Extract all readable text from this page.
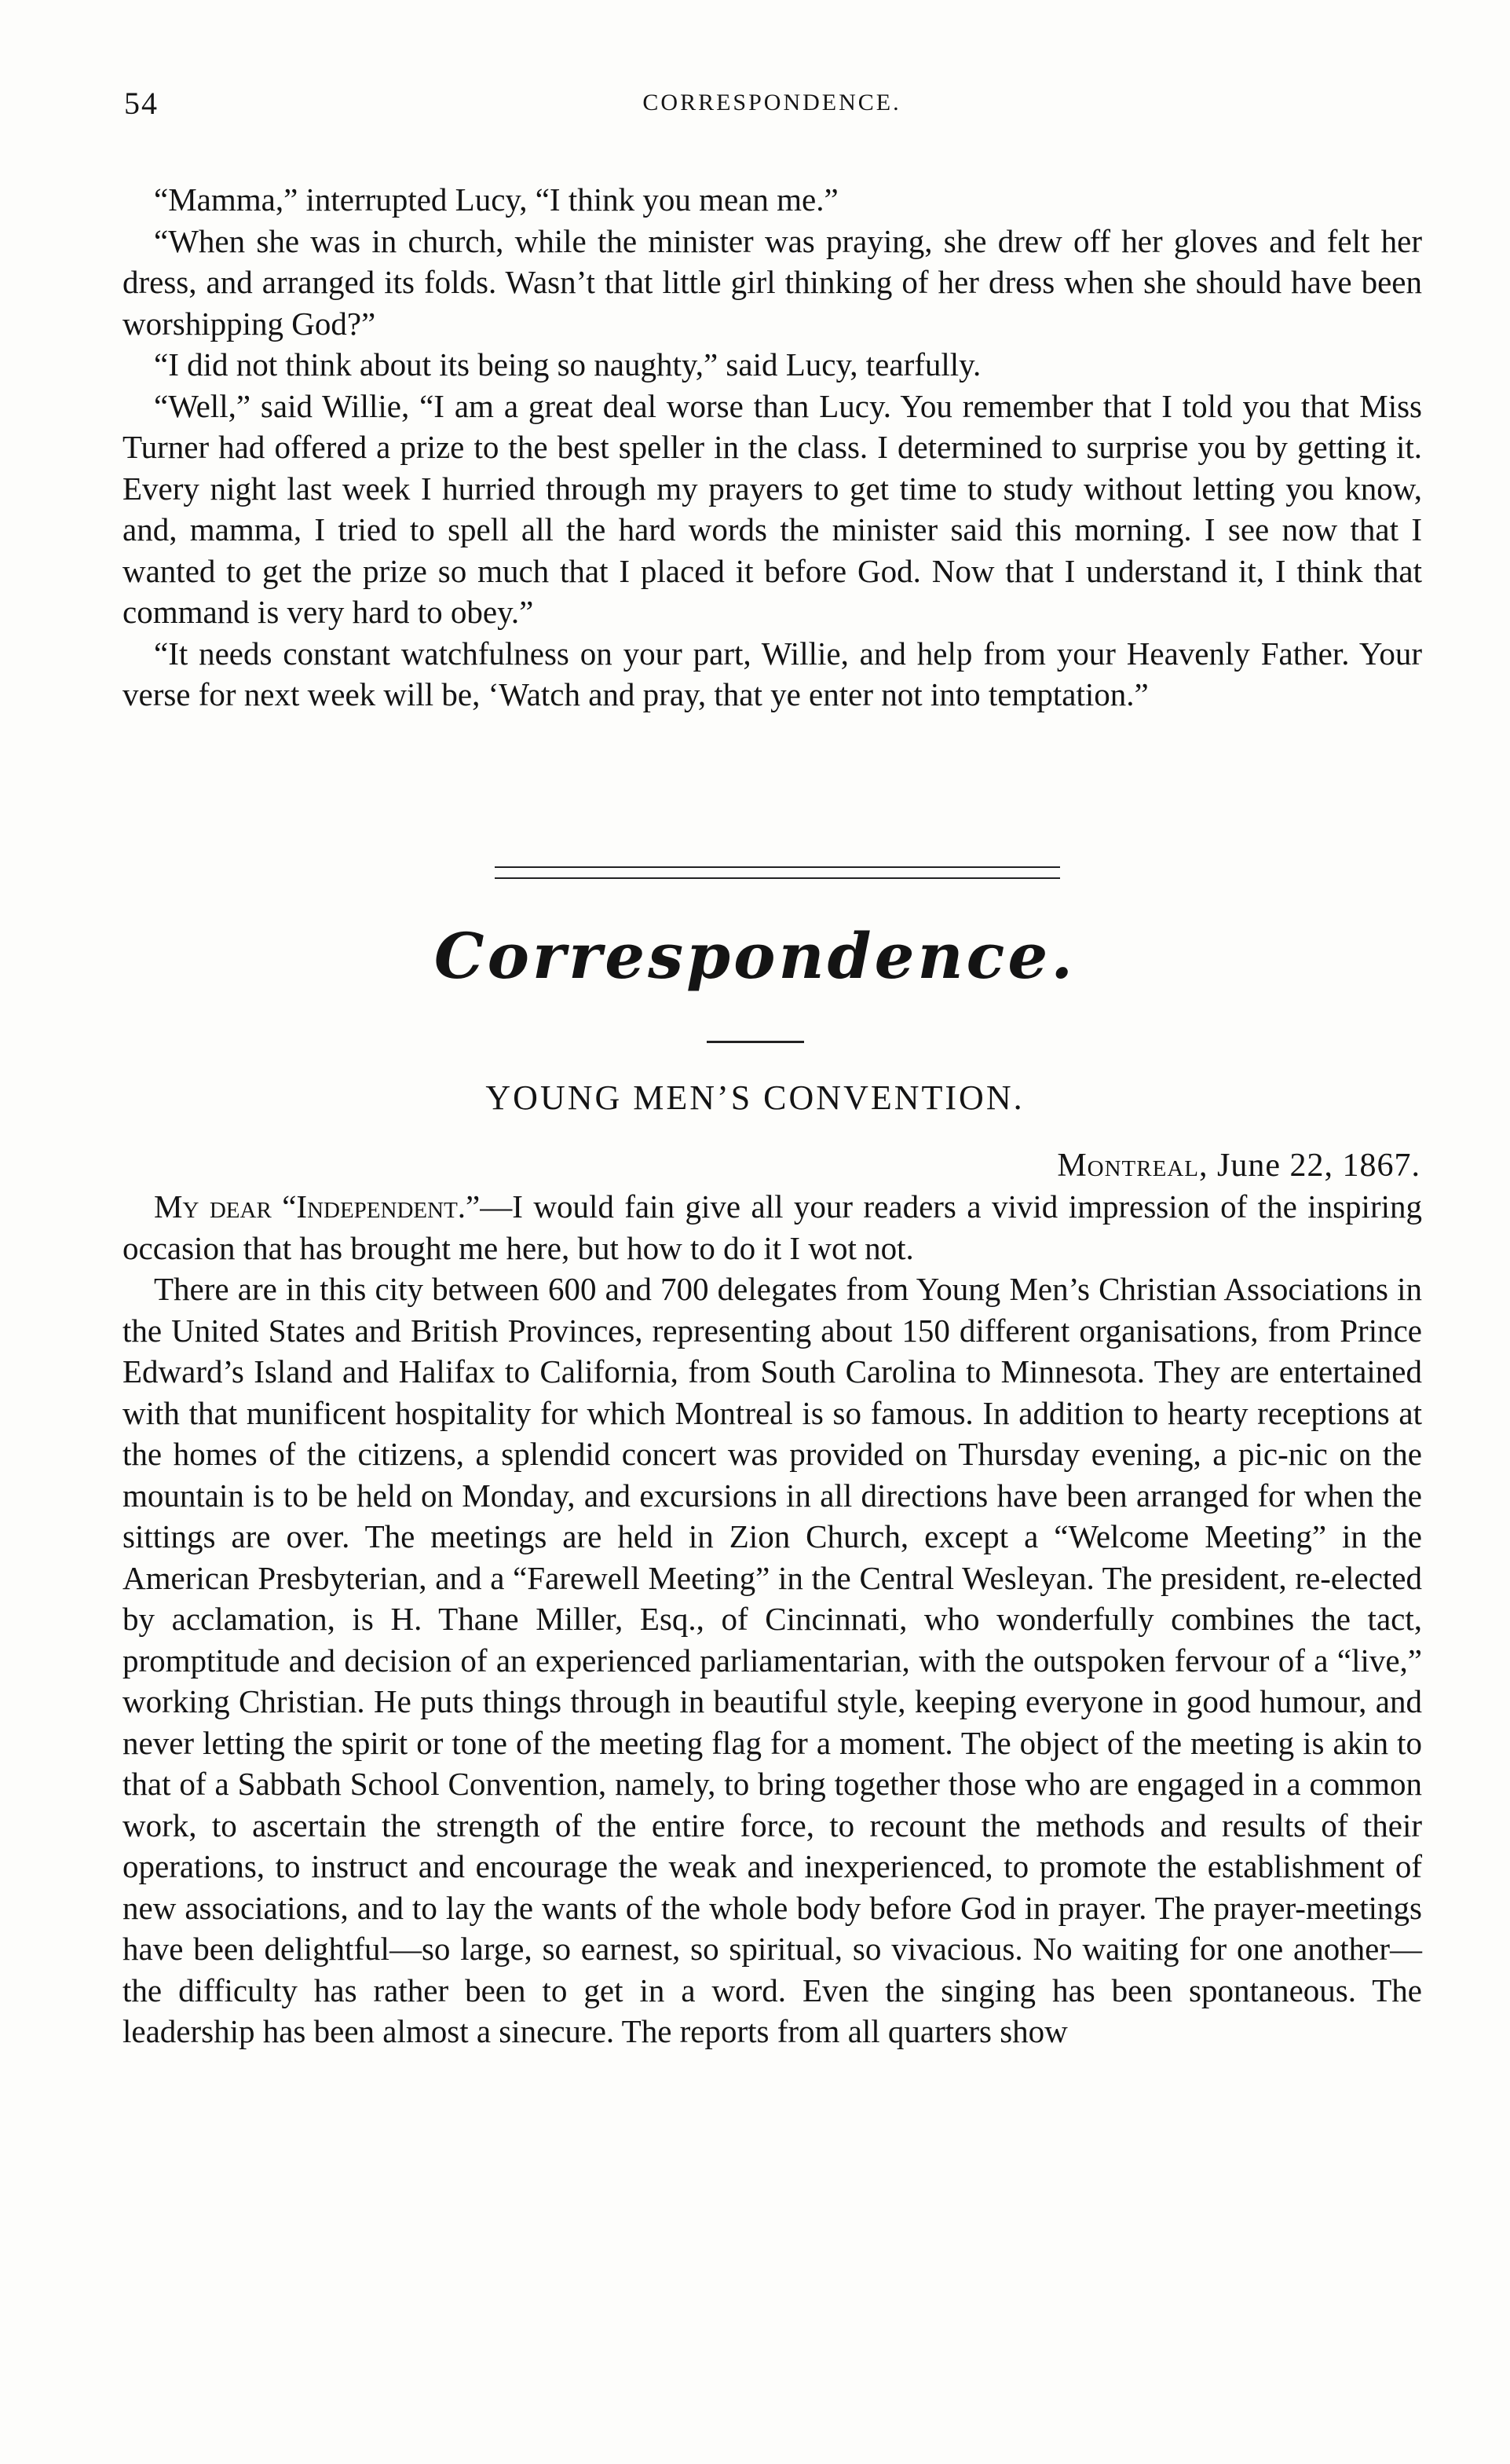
54	CORRESPONDENCE.

“Mamma,” interrupted Lucy, “I think you mean me.”

“When she was in church, while the minister was praying, she drew off her gloves and felt her dress, and arranged its folds. Wasn’t that little girl thinking of her dress when she should have been worshipping God?”

“I did not think about its being so naughty,” said Lucy, tearfully.

“Well,” said Willie, “I am a great deal worse than Lucy. You remember that I told you that Miss Turner had offered a prize to the best speller in the class. I determined to surprise you by getting it. Every night last week I hurried through my prayers to get time to study without letting you know, and, mamma, I tried to spell all the hard words the minister said this morning. I see now that I wanted to get the prize so much that I placed it before God. Now that I understand it, I think that command is very hard to obey.”

“It needs constant watchfulness on your part, Willie, and help from your Heavenly Father. Your verse for next week will be, ‘Watch and pray, that ye enter not into temptation.”

Correspondence.
YOUNG MEN’S CONVENTION.
Montreal, June 22, 1867.

My dear “Independent.”—I would fain give all your readers a vivid impression of the inspiring occasion that has brought me here, but how to do it I wot not.

There are in this city between 600 and 700 delegates from Young Men’s Christian Associations in the United States and British Provinces, representing about 150 different organisations, from Prince Edward’s Island and Halifax to California, from South Carolina to Minnesota. They are entertained with that munificent hospitality for which Montreal is so famous. In addition to hearty receptions at the homes of the citizens, a splendid concert was provided on Thursday evening, a pic-nic on the mountain is to be held on Monday, and excursions in all directions have been arranged for when the sittings are over. The meetings are held in Zion Church, except a “Welcome Meeting” in the American Presbyterian, and a “Farewell Meeting” in the Central Wesleyan. The president, re-elected by acclamation, is H. Thane Miller, Esq., of Cincinnati, who wonderfully combines the tact, promptitude and decision of an experienced parliamentarian, with the outspoken fervour of a “live,” working Christian. He puts things through in beautiful style, keeping everyone in good humour, and never letting the spirit or tone of the meeting flag for a moment. The object of the meeting is akin to that of a Sabbath School Convention, namely, to bring together those who are engaged in a common work, to ascertain the strength of the entire force, to recount the methods and results of their operations, to instruct and encourage the weak and inexperienced, to promote the establishment of new associations, and to lay the wants of the whole body before God in prayer. The prayer-meetings have been delightful—so large, so earnest, so spiritual, so vivacious. No waiting for one another—the difficulty has rather been to get in a word. Even the singing has been spontaneous. The leadership has been almost a sinecure. The reports from all quarters show
